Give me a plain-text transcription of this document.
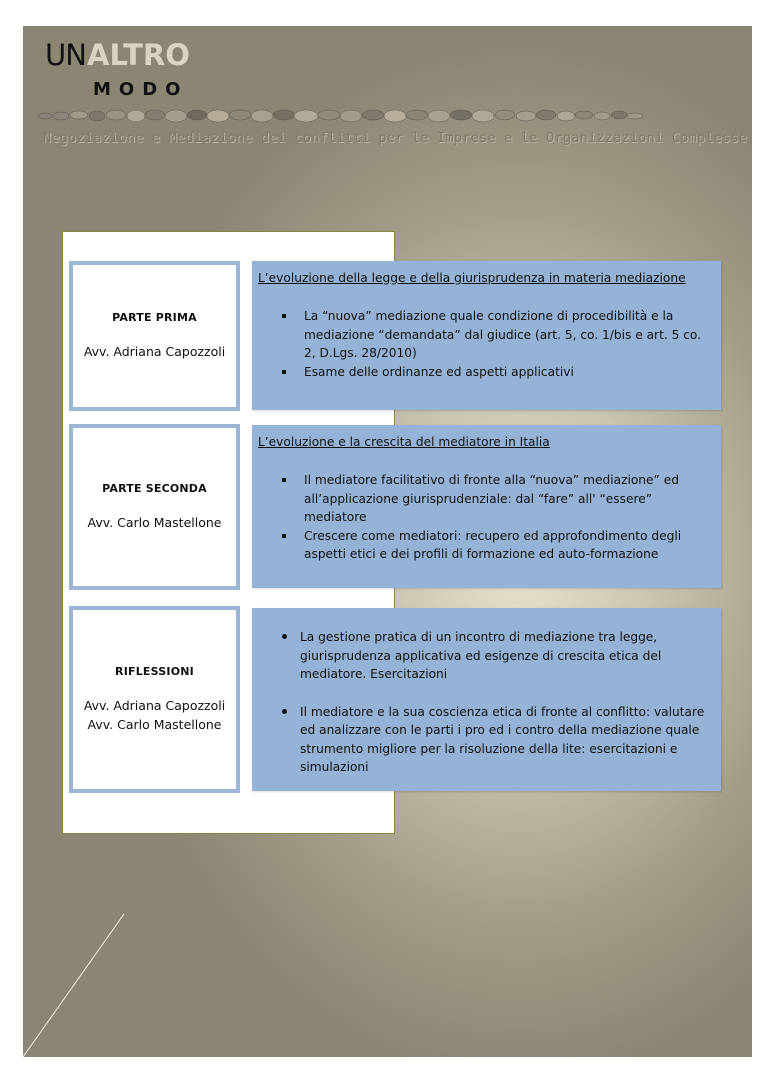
UN ALTRO
MODO
Negoziazione e Mediazione dei conflitti per le Imprese e le Organizzazioni Complesse
PARTE PRIMA
Avv. Adriana Capozzoli
L’evoluzione della legge e della giurisprudenza in materia mediazione
La “nuova” mediazione quale condizione di procedibilità e la mediazione “demandata” dal giudice (art. 5, co. 1/bis e art. 5 co. 2, D.Lgs. 28/2010)
Esame delle ordinanze ed aspetti applicativi
PARTE SECONDA
Avv. Carlo Mastellone
L’evoluzione e la crescita del mediatore in Italia
Il mediatore facilitativo di fronte alla “nuova” mediazione” ed all’applicazione giurisprudenziale: dal “fare” all' “essere” mediatore
Crescere come mediatori: recupero ed approfondimento degli aspetti etici e dei profili di formazione ed auto-formazione
RIFLESSIONI
Avv. Adriana Capozzoli
Avv. Carlo Mastellone
La gestione pratica di un incontro di mediazione tra legge, giurisprudenza applicativa ed esigenze di crescita etica del mediatore. Esercitazioni
Il mediatore e la sua coscienza etica di fronte al conflitto: valutare ed analizzare con le parti i pro ed i contro della mediazione quale strumento migliore per la risoluzione della lite: esercitazioni e simulazioni
